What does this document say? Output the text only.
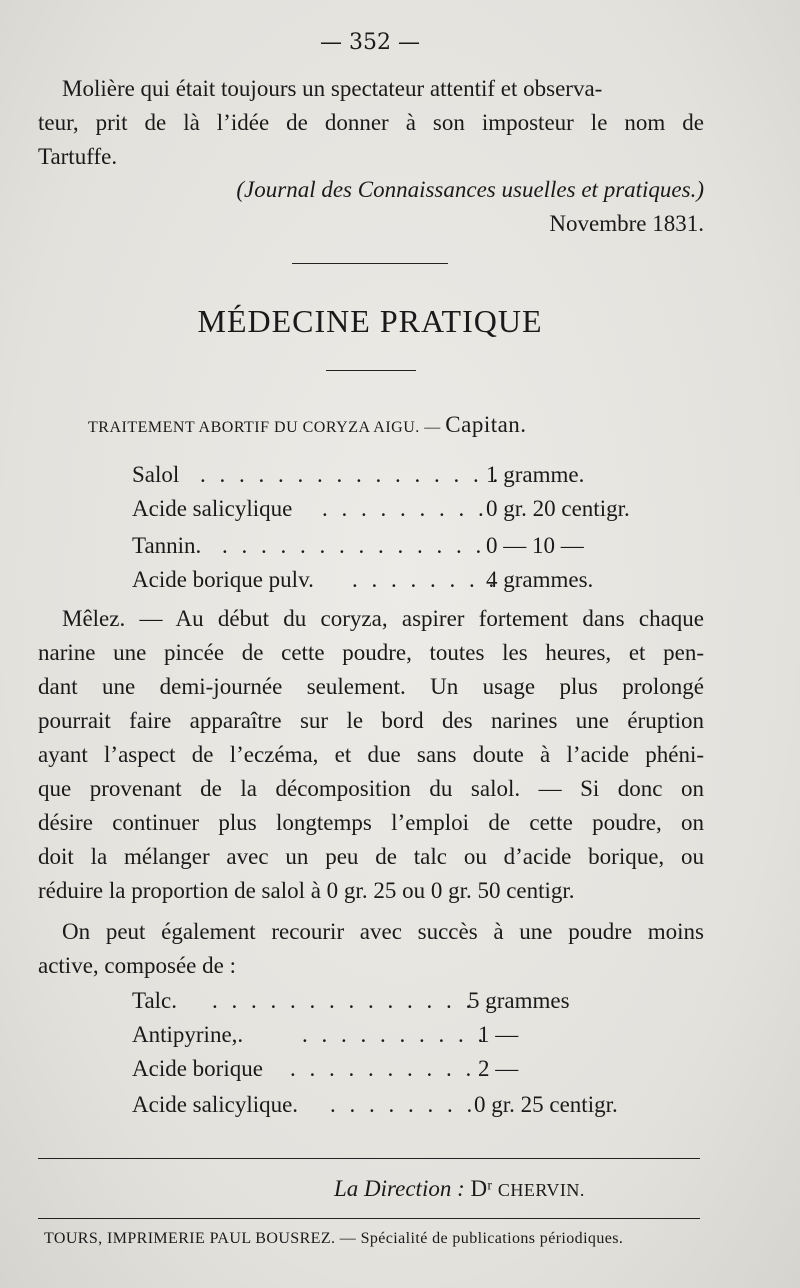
— 352 —
Molière qui était toujours un spectateur attentif et observa-
teur, prit de là l’idée de donner à son imposteur le nom de
Tartuffe.
(Journal des Connaissances usuelles et pratiques.)
Novembre 1831.
MÉDECINE PRATIQUE
TRAITEMENT ABORTIF DU CORYZA AIGU. — Capitan.
Salol . . . . . . . . . . . . . . . .
1 gramme.
Acide salicylique . . . . . . . . .
0 gr. 20 centigr.
Tannin. . . . . . . . . . . . . . . 0 — 10 —
Acide borique pulv. . . . . . . . .
4 grammes.
Mêlez. — Au début du coryza, aspirer fortement dans chaque
narine une pincée de cette poudre, toutes les heures, et pen-
dant une demi-journée seulement. Un usage plus prolongé
pourrait faire apparaître sur le bord des narines une éruption
ayant l’aspect de l’eczéma, et due sans doute à l’acide phéni-
que provenant de la décomposition du salol. — Si donc on
désire continuer plus longtemps l’emploi de cette poudre, on
doit la mélanger avec un peu de talc ou d’acide borique, ou
réduire la proportion de salol à 0 gr. 25 ou 0 gr. 50 centigr.
On peut également recourir avec succès à une poudre moins
active, composée de :
Talc. . . . . . . . . . . . . . . .
5 grammes
Antipyrine,.	. . . . . . . . . .
1 —
Acide borique . . . . . . . . . . 2 —
Acide salicylique. . . . . . . . .
0 gr. 25 centigr.
La Direction : Dʳ CHERVIN.
TOURS, IMPRIMERIE PAUL BOUSREZ. — Spécialité de publications périodiques.
